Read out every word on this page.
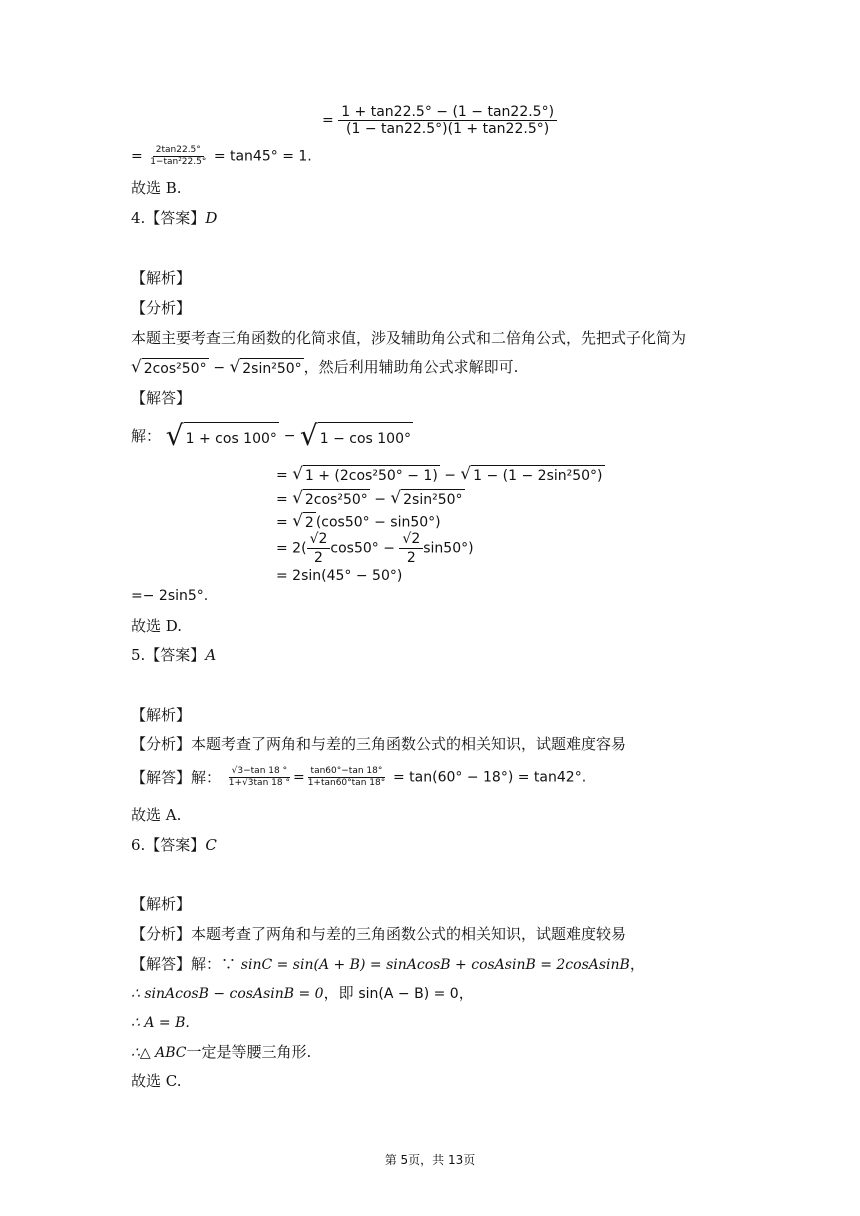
= $\frac{1 + \tan 22.5^\circ - (1 - \tan 22.5^\circ)}{(1 - \tan 22.5^\circ)(1 + \tan 22.5^\circ)}$
= $\frac{2\tan 22.5^\circ}{\text{1−tan²22.5°}} = \tan 45^\circ = 1$.
故选 B.
4.【答案】D
【解析】
【分析】
本题主要考查三角函数的化简求值，涉及辅助角公式和二倍角公式，先把式子化简为
√ 2cos²50° − √ 2sin²50° ，然后利用辅助角公式求解即可.
【解答】
解： √ 1 + cos 100° − √ 1 − cos 100°
= √ 1 + (2cos²50° − 1) − √ 1 − (1 − 2sin²50°)
= √ 2cos²50° − √ 2sin²50°
= √ 2 (cos50° − sin50°)
= $2( \frac{√2}{2} \cos 50^\circ - \frac{√2}{2} \sin 50^\circ)$
= 2sin(45° − 50°)
=− 2sin5°.
故选 D.
5.【答案】A
【解析】
【分析】本题考查了两角和与差的三角函数公式的相关知识，试题难度容易
【解答】解： $\frac{√3-\tan 18 ^\circ}{1+√3\tan 18 ^\circ} = \frac{\tan 60^\circ-\tan 18^\circ}{1+\tan 60^\circ\tan 18^\circ} = \tan(60^\circ - 18^\circ) = \tan 42^\circ$.
故选 A.
6.【答案】C
【解析】
【分析】本题考查了两角和与差的三角函数公式的相关知识，试题难度较易
【解答】解：∵ sinC = sin(A + B) = sinAcosB + cosAsinB = 2cosAsinB，
∴ sinAcosB − cosAsinB = 0，即 sin(A − B) = 0，
∴ A = B.
∴△ ABC一定是等腰三角形.
故选 C.
第 5页，共 13页
